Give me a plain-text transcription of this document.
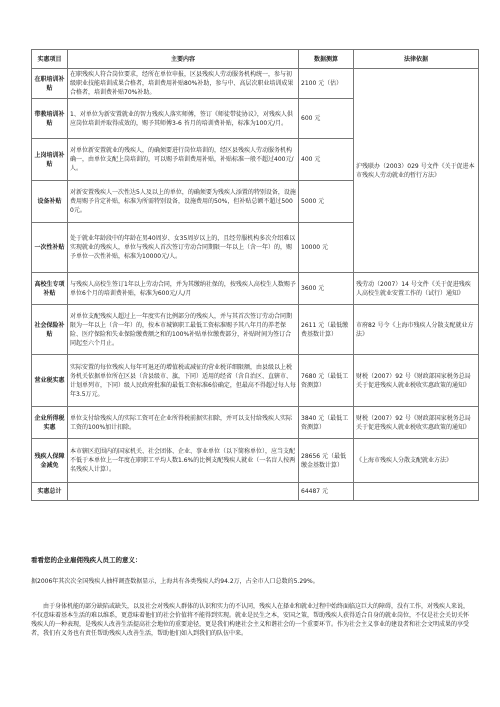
实惠项目	主要内容	数据测算	法律依据
在职培训补贴	在职残疾人符合岗位要求，经所在单位申报，区县残疾人劳动服务机构统一，参与初级职业技能培训成果合格者，培训费用补贴80%补助，参与中、高层次职业培训成果合格者，培训费补贴70%补助。	2100 元（估）	沪残联办（2003）029 号文件《关于促进本市残疾人劳动就业的暂行方法》
带教培训补贴	1、对单位为新安置就业的智力残疾人落实师傅，签订《师徒带徒协议》，对残疾人供应岗位培训并取得成效的，赐予其师傅3-6 苔月的培训费补贴，标准为100元/月。	600 元	
上岗培训补贴	对单位新安置就业的残疾人，的确须要进行岗位培训的，经区县残疾人劳动服务机构确一，由单位支配上岗培训的，可以赐予培训费用补贴，补贴标准一般不超过400元/人。	400 元	
设备补贴	对新安置残疾人一次性达5人及以上的单位，的确须要为残疾人添置的特别设备，设施费用赐予肯定补贴，标准为所需特别设备，设施费用的50%，但补贴总额不超过5000元。	5000 元	
一次性补贴	处于就业年龄段中的年龄在男40周岁、女35周岁以上的，且经劳服机构多次介绍难以实现就业的残疾人，单位与残疾人首次签订劳动合同期限一年以上（含一年）的，赐予单位一次性补贴，标准为10000元/人。	10000 元	
高校生专项补贴	与残疾人高校生签订1年以上劳动合同，并为其缴纳社保的，按残疾人高校生人数赐予单位6个月的培训费补贴，标准为600元/人/月	3600 元	残劳动（2007）14 号文件《关于促进残疾人高校生就业安置工作的（试行）通知》
社会保险补贴	对单位支配残疾人超过上一年度实有比例部分的残疾人，并与其首次签订劳动合同期限为一年以上（含一年）的，按本市城镇职工最低工资标准赐予其八年月的养老保险、医疗保险和失业保险缴费额之和的100%补贴单位缴费部分，补贴时间为签订合同起至六个月止。	2611 元（最低缴费基数计算）	市府82 号令《上海市残疾人分散支配就业方法》
营业税实惠	实际安置的每位残疾人每年可退还的增值税或减征的营业税详细限额，由县级以上税务机关依据单位所在区县（含县级市、旗，下同）适用的经省（含自治区、直辖市、计划单列市，下同）级人民政府批准的最低工资标准6倍确定，但最高不得超过每人每年3.5万元。	7680 元（最低工资测算）	财税（2007）92 号《财政部国家税务总局关于促进残疾人就业税收实惠政策的通知》
企业所得税实惠	单位支付给残疾人的实际工资可在企业所得税前据实扣除，并可以支付给残疾人实际工资的100%加计扣除。	3840 元（最低工资测算）	财税（2007）92 号《财政部国家税务总局关于促进残疾人就业税收实惠政策的通知》
残疾人保障金减免	本市辖区范围内的国家机关、社会团体、企业、事业单位（以下简称单位），应当支配不低于本单位上一年度在职职工平均人数1.6%的比例支配残疾人就业（一名盲人按两名残疾人计算）。	28656 元（最低缴金基数计算）	《上海市残疾人分散支配就业方法》
实惠总计		64487 元	
看看您的企业雇佣残疾人员工的意义：
据2006年其次次全国残疾人抽样调查数据显示，上海共有各类残疾人约94.2万，占全市人口总数的5.29%。
由于身体机能的部分缺陷或缺失，以及社会对残疾人群体的认识和实力的不认同，残疾人在择业和就业过程中始终面临这巨大的障碍，没有工作，对残疾人来说，不仅意味着基本生活的难以维系，更意味着他们的社会价值将不能得到实现。就业是民生之本，安国之策，帮助残疾人获得适合自身的就业岗位，不仅是社会关切关怀残疾人的一种表现，是残疾人改善生活提高社会地位的重要途径，更是我们构建社会主义和谐社会的一个重要环节。作为社会主义事业的建设者和社会文明成果的享受者，我们有义务也有责任帮助残疾人改善生活，帮助他们如入到我们的队伍中来。
